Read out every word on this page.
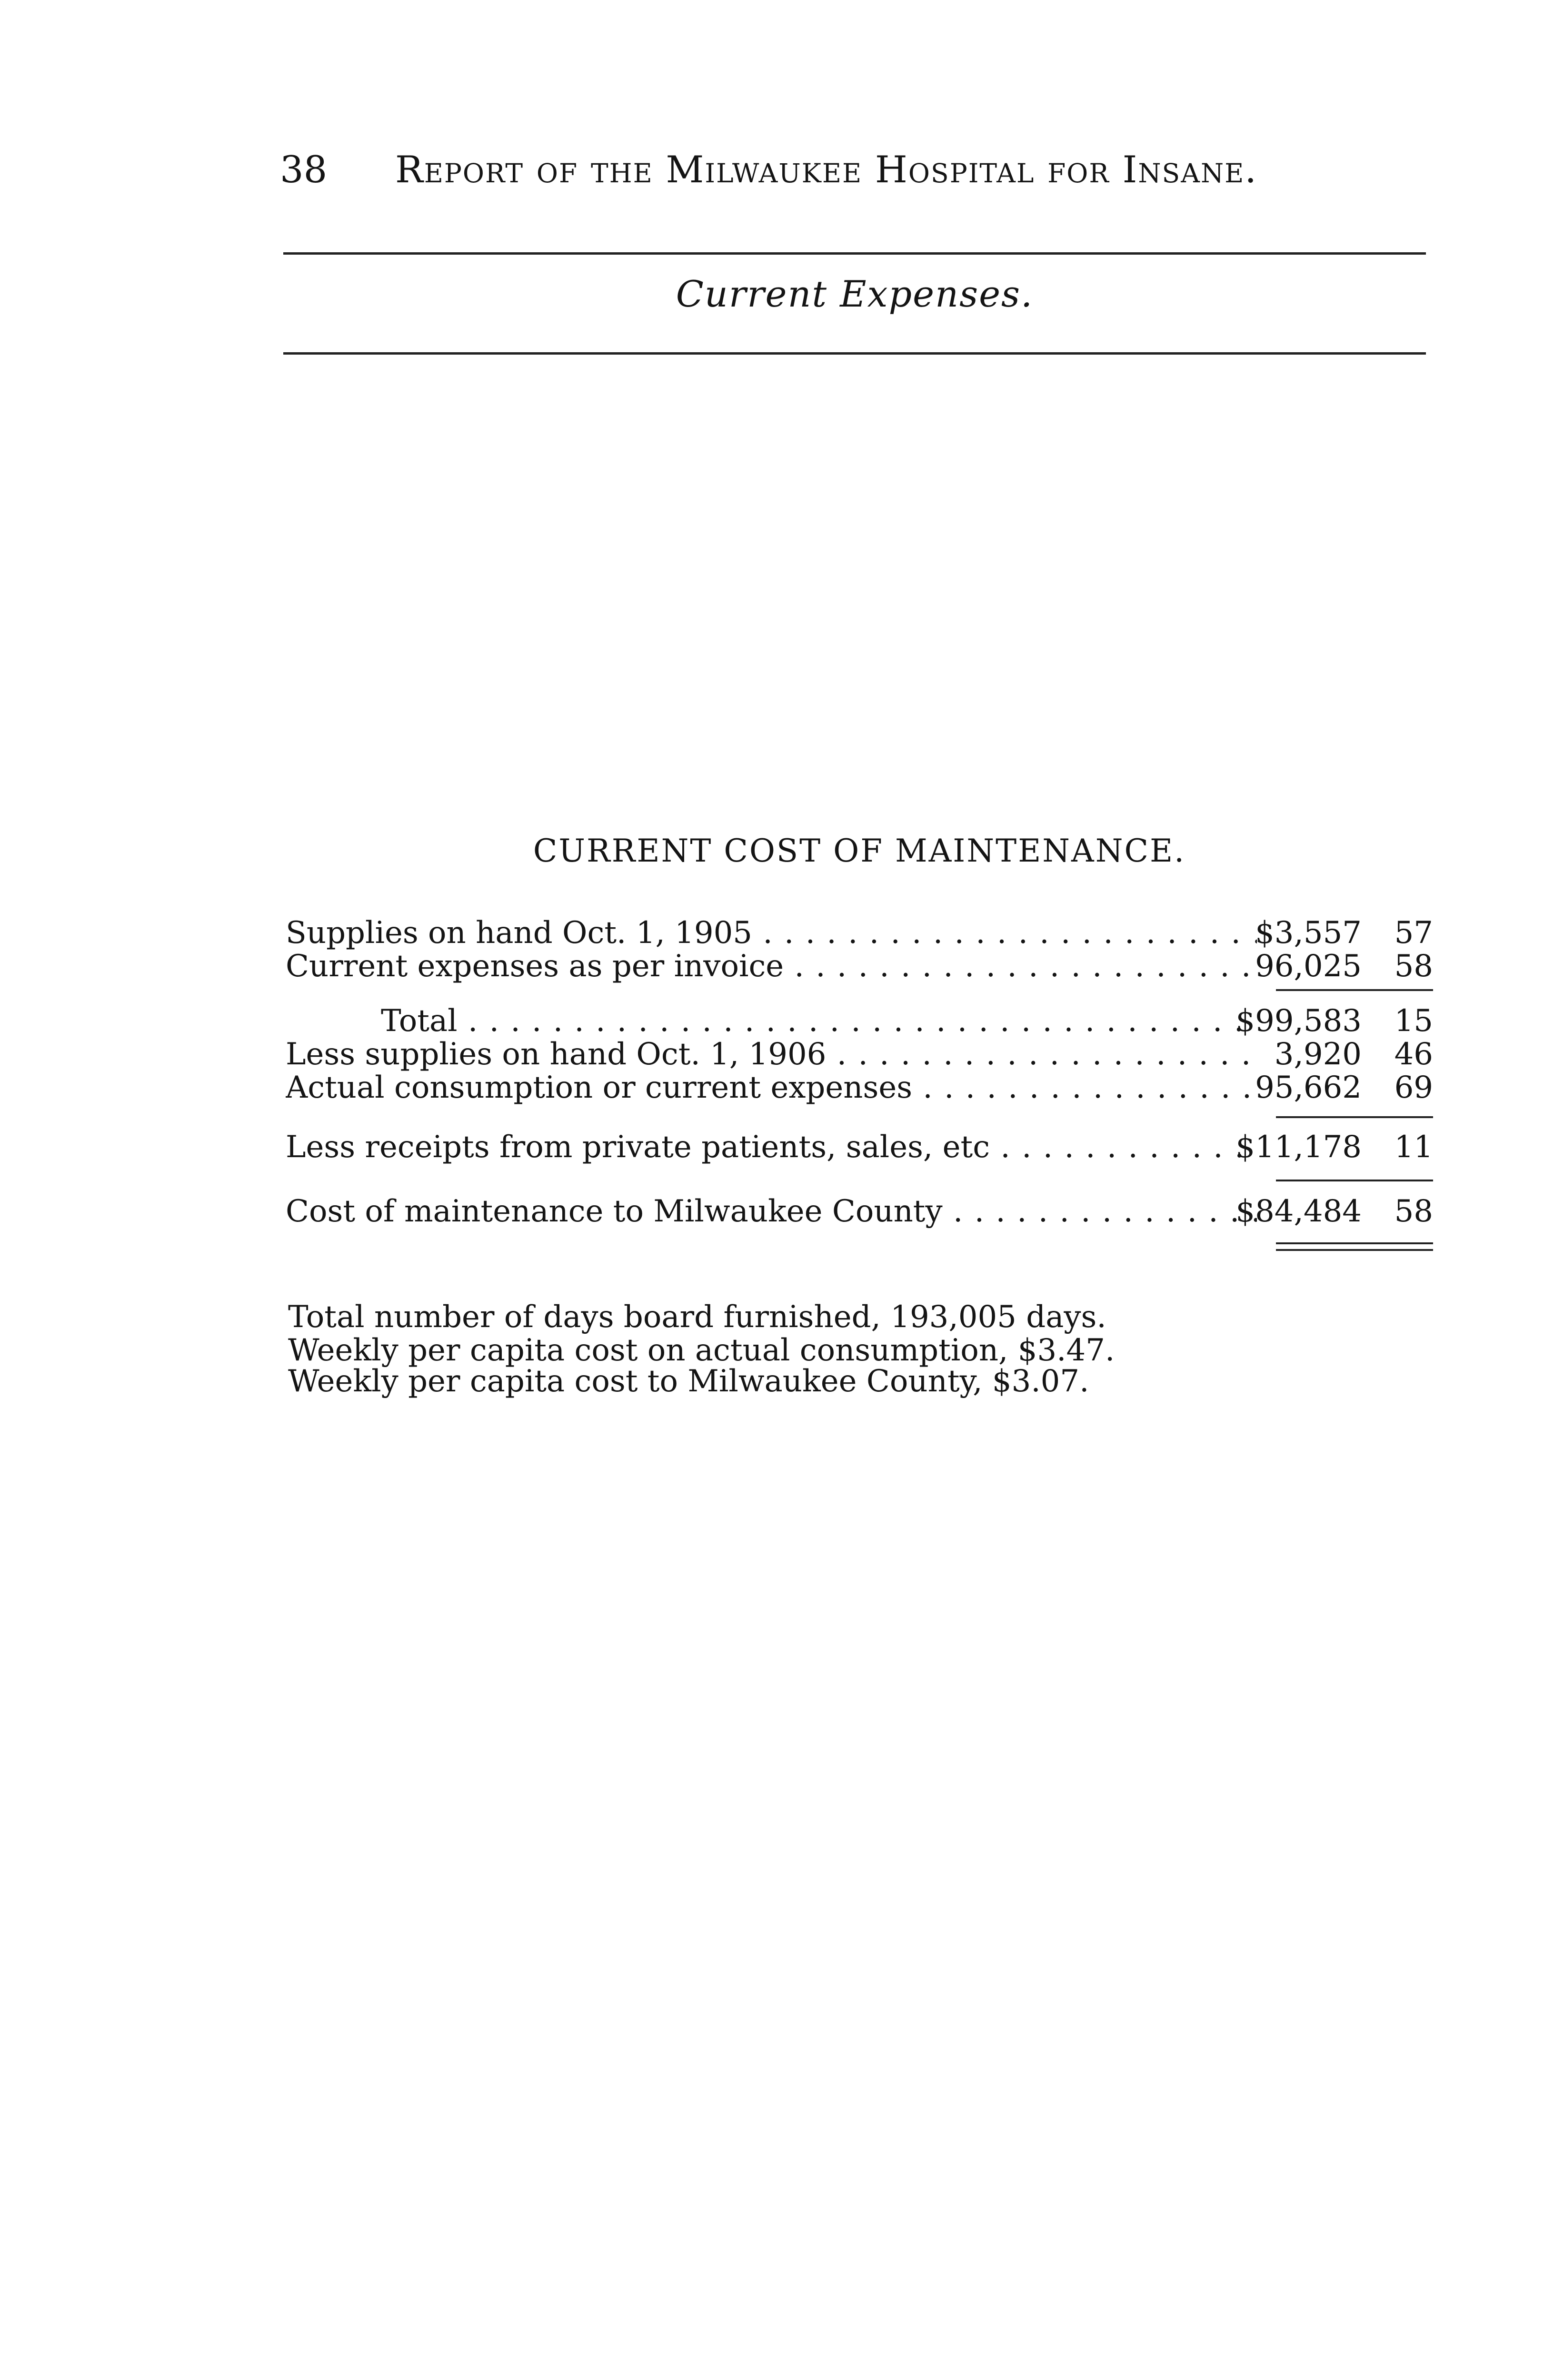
38 Report of the Milwaukee Hospital for Insane.
Current Expenses.
CURRENT COST OF MAINTENANCE.
Supplies on hand Oct. 1, 1905 . . .	$3,557	57
Current expenses as per invoice . . .	96,025	58
Total . . .	$99,583	15
Less supplies on hand Oct. 1, 1906 . . .	3,920	46
Actual consumption or current expenses . . .	95,662	69
Less receipts from private patients, sales, etc . . .	$11,178	11
Cost of maintenance to Milwaukee County . . .	$84,484	58
Total number of days board furnished, 193,005 days.
Weekly per capita cost on actual consumption, $3.47.
Weekly per capita cost to Milwaukee County, $3.07.
